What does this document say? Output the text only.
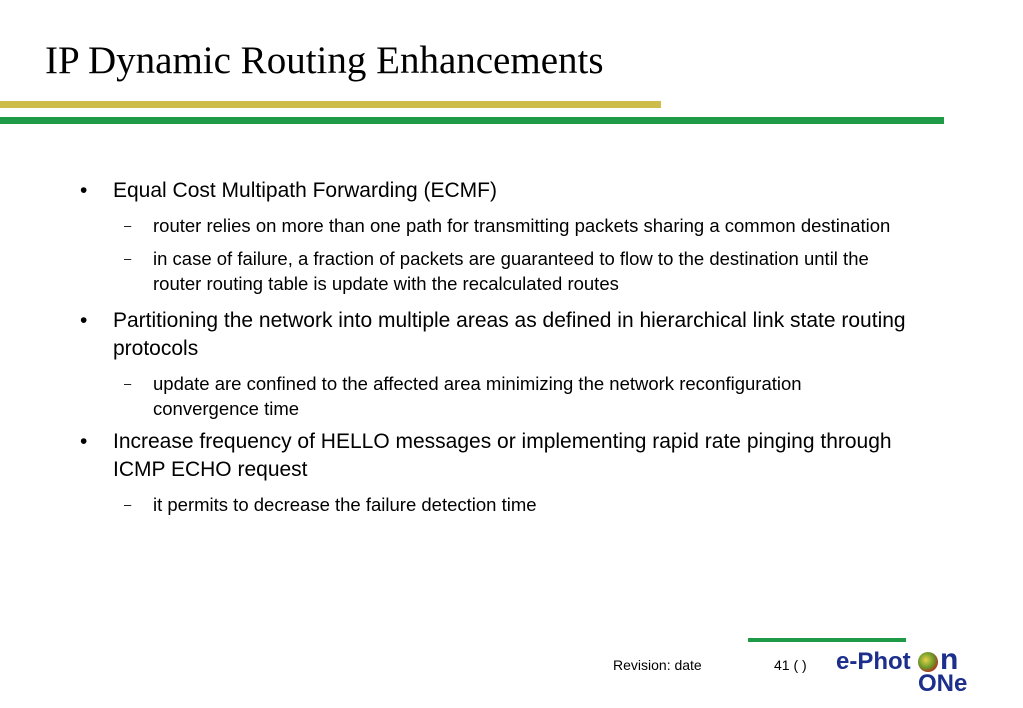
IP Dynamic Routing Enhancements
• Equal Cost Multipath Forwarding (ECMF)
– router relies on more than one path for transmitting packets sharing a common destination
– in case of failure, a fraction of packets are guaranteed to flow to the destination until the router routing table is update with the recalculated routes
• Partitioning the network into multiple areas as defined in hierarchical link state routing protocols
– update are confined to the affected area minimizing the network reconfiguration convergence time
• Increase frequency of HELLO messages or implementing rapid rate pinging through ICMP ECHO request
– it permits to decrease the failure detection time
Revision: date	41 ( ) e-Phot n
ONe
